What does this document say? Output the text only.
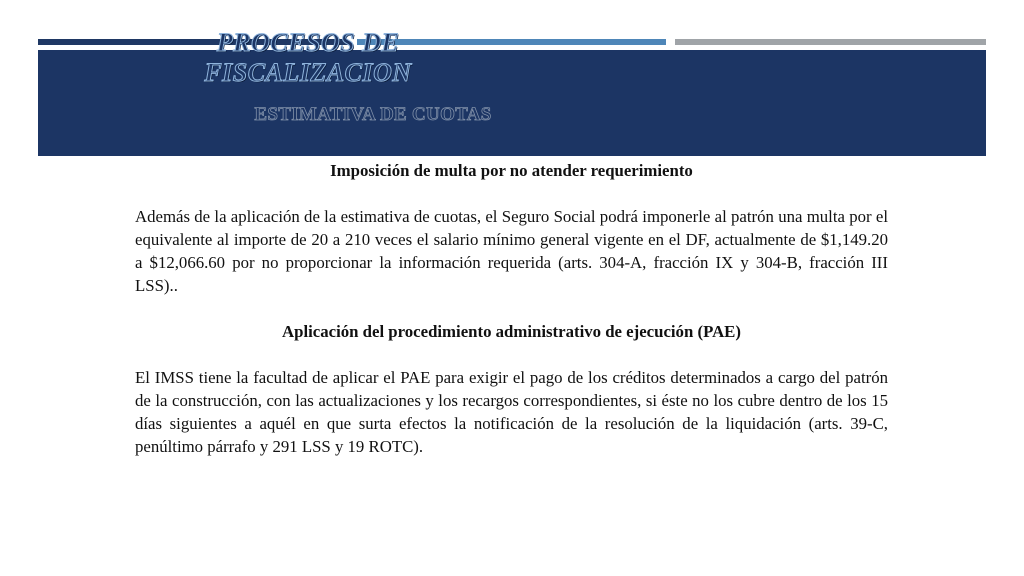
PROCESOS DE
FISCALIZACION
ESTIMATIVA DE CUOTAS
Imposición de multa por no atender requerimiento

Además de la aplicación de la estimativa de cuotas, el Seguro Social podrá imponerle al patrón una multa por el equivalente al importe de 20 a 210 veces el salario mínimo general vigente en el DF, actualmente de $1,149.20 a $12,066.60 por no proporcionar la información requerida (arts. 304-A, fracción IX y 304-B, fracción III LSS)..

Aplicación del procedimiento administrativo de ejecución (PAE)

El IMSS tiene la facultad de aplicar el PAE para exigir el pago de los créditos determinados a cargo del patrón de la construcción, con las actualizaciones y los recargos correspondientes, si éste no los cubre dentro de los 15 días siguientes a aquél en que surta efectos la notificación de la resolución de la liquidación (arts. 39-C, penúltimo párrafo y 291 LSS y 19 ROTC).
